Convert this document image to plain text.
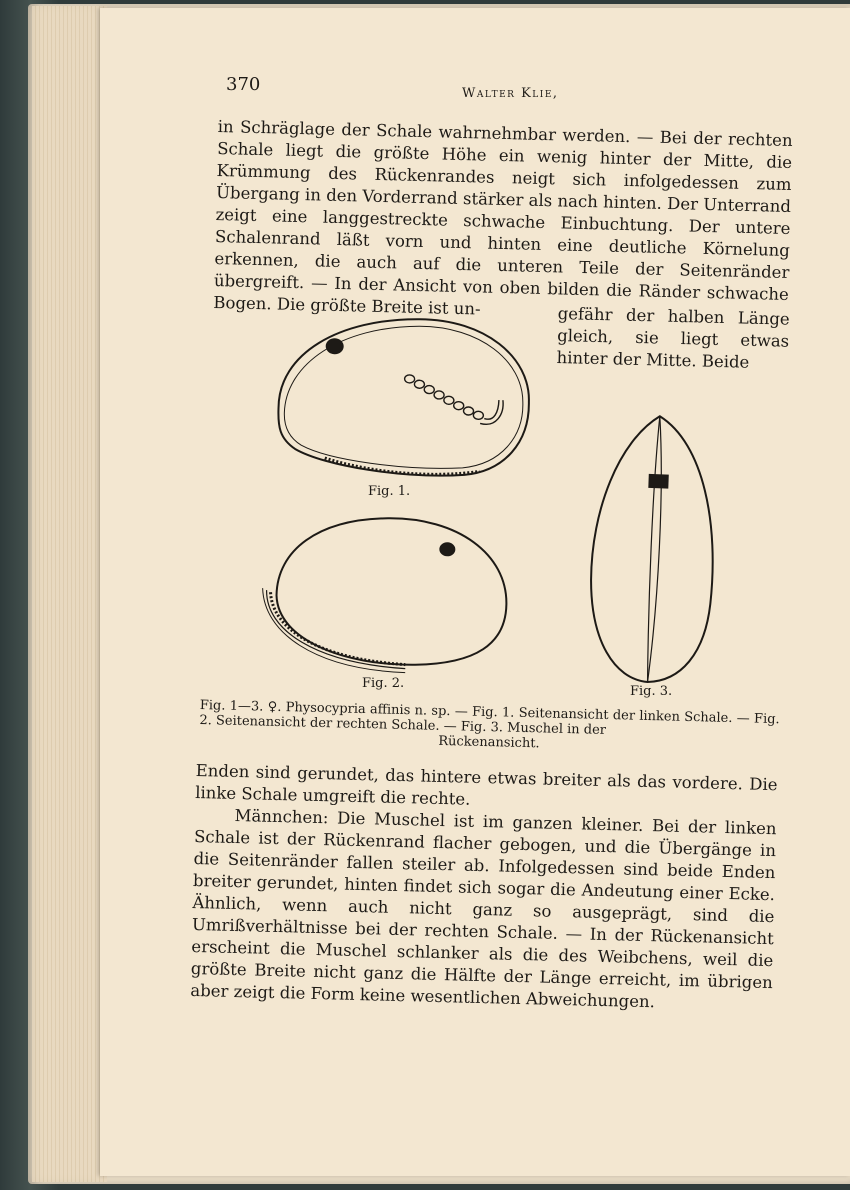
370	Walter Klie,

in Schräglage der Schale wahrnehmbar werden. — Bei der rechten Schale liegt die größte Höhe ein wenig hinter der Mitte, die Krümmung des Rückenrandes neigt sich infolgedessen zum Übergang in den Vorderrand stärker als nach hinten. Der Unterrand zeigt eine langgestreckte schwache Einbuchtung. Der untere Schalenrand läßt vorn und hinten eine deutliche Körnelung erkennen, die auch auf die unteren Teile der Seitenränder übergreift. — In der Ansicht von oben bilden die Ränder schwache Bogen. Die größte Breite ist un-	gefähr der halben Länge gleich, sie liegt etwas hinter der Mitte. Beide

Fig. 1.
Fig. 2.
Fig. 3.
Fig. 1—3. ♀. Physocypria affinis n. sp. — Fig. 1. Seitenansicht der linken Schale. — Fig. 2. Seitenansicht der rechten Schale. — Fig. 3. Muschel in der
Rückenansicht.
Enden sind gerundet, das hintere etwas breiter als das vordere. Die linke Schale umgreift die rechte.
Männchen: Die Muschel ist im ganzen kleiner. Bei der linken Schale ist der Rückenrand flacher gebogen, und die Übergänge in die Seitenränder fallen steiler ab. Infolgedessen sind beide Enden breiter gerundet, hinten findet sich sogar die Andeutung einer Ecke. Ähnlich, wenn auch nicht ganz so ausgeprägt, sind die Umrißverhältnisse bei der rechten Schale. — In der Rückenansicht erscheint die Muschel schlanker als die des Weibchens, weil die größte Breite nicht ganz die Hälfte der Länge erreicht, im übrigen aber zeigt die Form keine wesentlichen Abweichungen.
